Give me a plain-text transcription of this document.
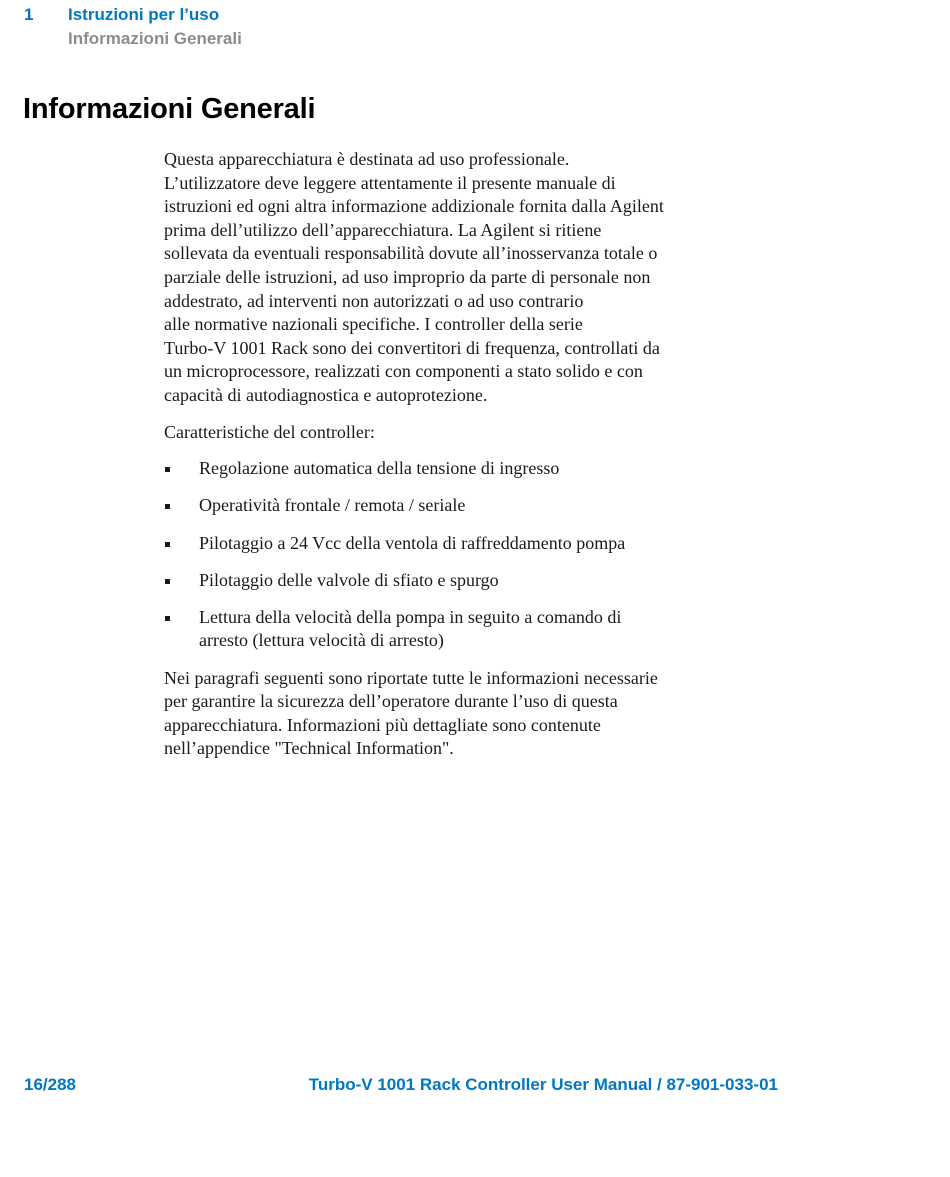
1	Istruzioni per l’uso
Informazioni Generali
Informazioni Generali

Questa apparecchiatura è destinata ad uso professionale.
L’utilizzatore deve leggere attentamente il presente manuale di
istruzioni ed ogni altra informazione addizionale fornita dalla Agilent
prima dell’utilizzo dell’apparecchiatura. La Agilent si ritiene
sollevata da eventuali responsabilità dovute all’inosservanza totale o
parziale delle istruzioni, ad uso improprio da parte di personale non
addestrato, ad interventi non autorizzati o ad uso contrario
alle normative nazionali specifiche. I controller della serie
Turbo-V 1001 Rack sono dei convertitori di frequenza, controllati da
un microprocessore, realizzati con componenti a stato solido e con
capacità di autodiagnostica e autoprotezione.

Caratteristiche del controller:

Regolazione automatica della tensione di ingresso
Operatività frontale / remota / seriale
Pilotaggio a 24 Vcc della ventola di raffreddamento pompa
Pilotaggio delle valvole di sfiato e spurgo
Lettura della velocità della pompa in seguito a comando di
arresto (lettura velocità di arresto)

Nei paragrafi seguenti sono riportate tutte le informazioni necessarie
per garantire la sicurezza dell’operatore durante l’uso di questa
apparecchiatura. Informazioni più dettagliate sono contenute
nell’appendice "Technical Information".

16/288	Turbo-V 1001 Rack Controller User Manual / 87-901-033-01
